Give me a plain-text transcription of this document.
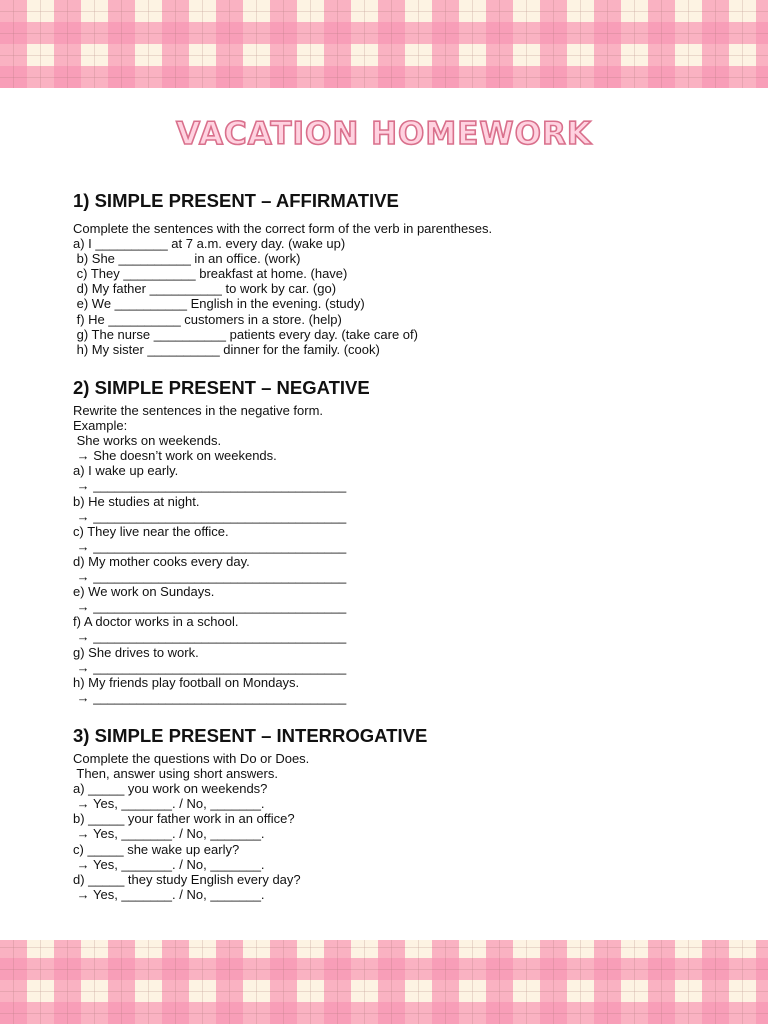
VACATION HOMEWORK
1) SIMPLE PRESENT – AFFIRMATIVE
Complete the sentences with the correct form of the verb in parentheses.
a) I __________ at 7 a.m. every day. (wake up)
b) She __________ in an office. (work)
c) They __________ breakfast at home. (have)
d) My father __________ to work by car. (go)
e) We __________ English in the evening. (study)
f) He __________ customers in a store. (help)
g) The nurse __________ patients every day. (take care of)
h) My sister __________ dinner for the family. (cook)
2) SIMPLE PRESENT – NEGATIVE
Rewrite the sentences in the negative form.
Example:
She works on weekends.
→ She doesn’t work on weekends.
a) I wake up early.
→ ___________________________________
b) He studies at night.
→ ___________________________________
c) They live near the office.
→ ___________________________________
d) My mother cooks every day.
→ ___________________________________
e) We work on Sundays.
→ ___________________________________
f) A doctor works in a school.
→ ___________________________________
g) She drives to work.
→ ___________________________________
h) My friends play football on Mondays.
→ ___________________________________
3) SIMPLE PRESENT – INTERROGATIVE
Complete the questions with Do or Does.
Then, answer using short answers.
a) _____ you work on weekends?
→ Yes, _______. / No, _______.
b) _____ your father work in an office?
→ Yes, _______. / No, _______.
c) _____ she wake up early?
→ Yes, _______. / No, _______.
d) _____ they study English every day?
→ Yes, _______. / No, _______.
